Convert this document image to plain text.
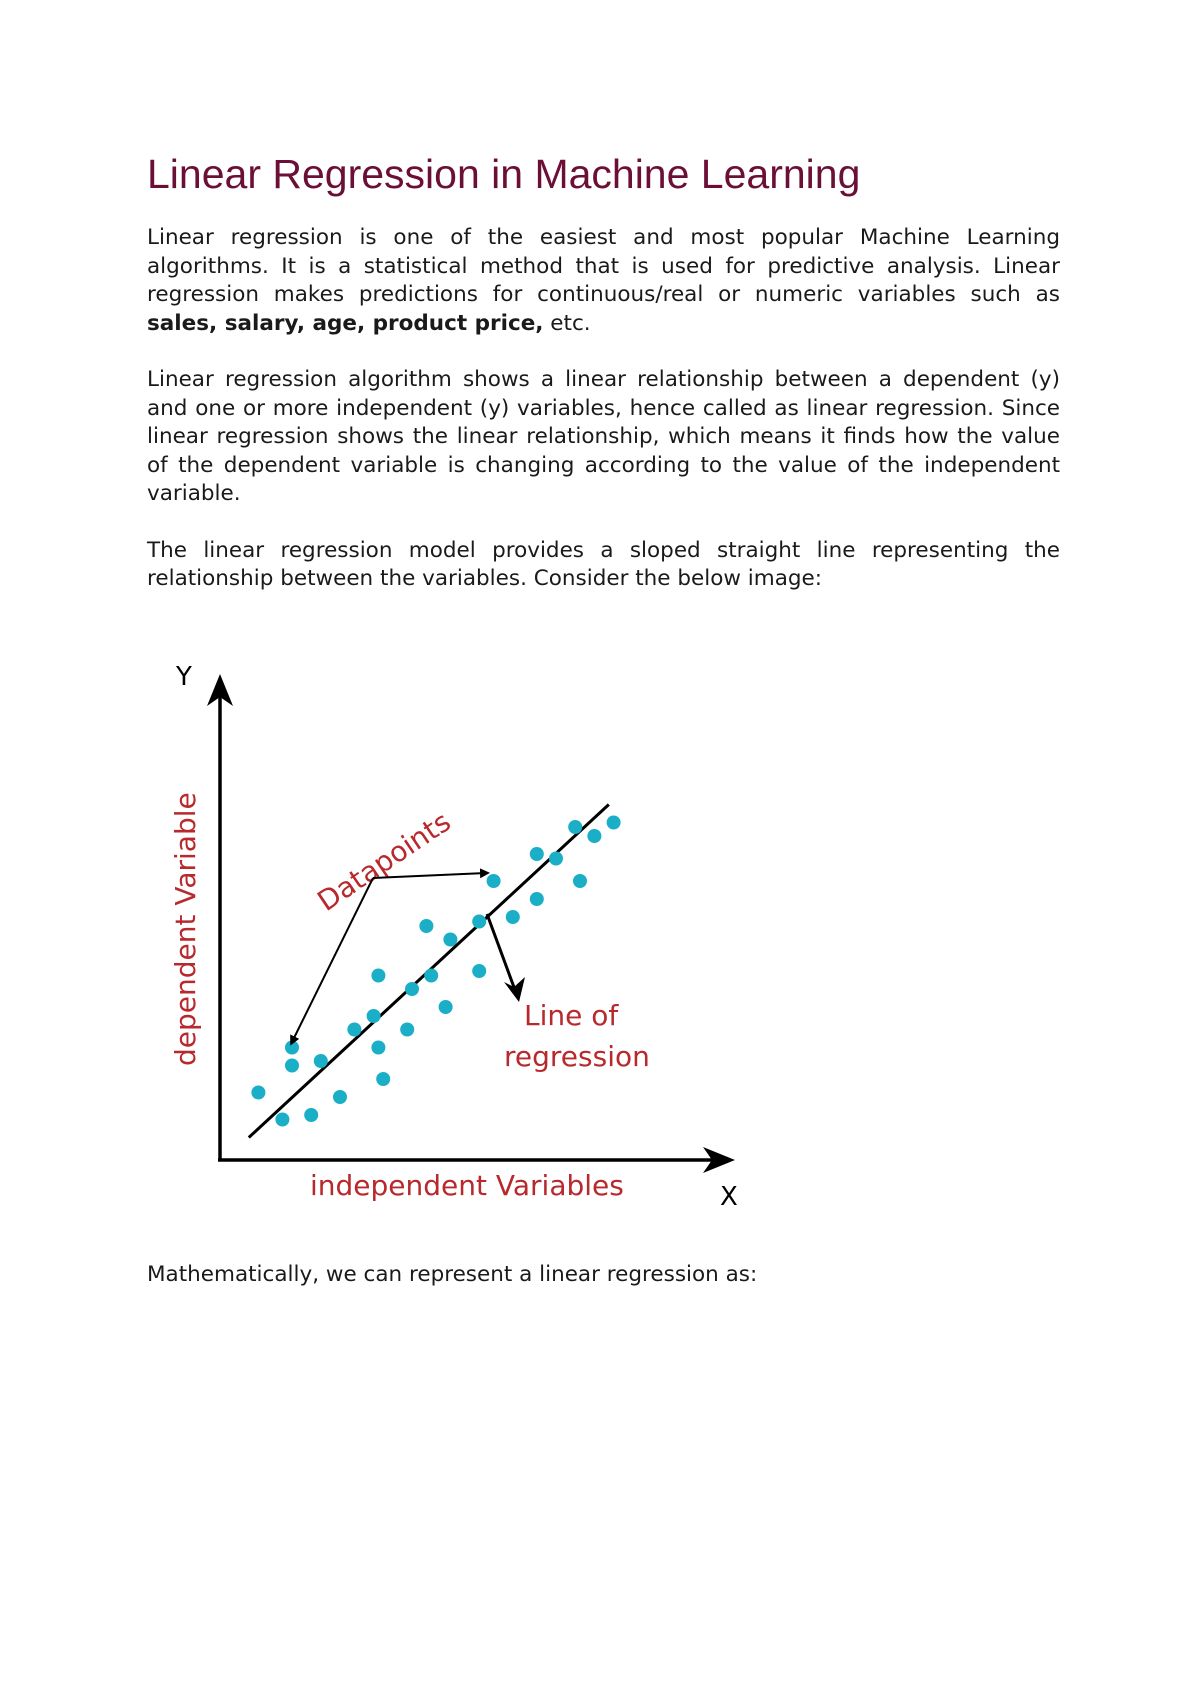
Linear Regression in Machine Learning

Linear regression is one of the easiest and most popular Machine Learning algorithms. It is a statistical method that is used for predictive analysis. Linear regression makes predictions for continuous/real or numeric variables such as sales, salary, age, product price, etc.

Linear regression algorithm shows a linear relationship between a dependent (y) and one or more independent (y) variables, hence called as linear regression. Since linear regression shows the linear relationship, which means it finds how the value of the dependent variable is changing according to the value of the independent variable.

The linear regression model provides a sloped straight line representing the relationship between the variables. Consider the below image:

Y
X
independent Variables
dependent Variable	Datapoints
Line of
regression

Mathematically, we can represent a linear regression as:
